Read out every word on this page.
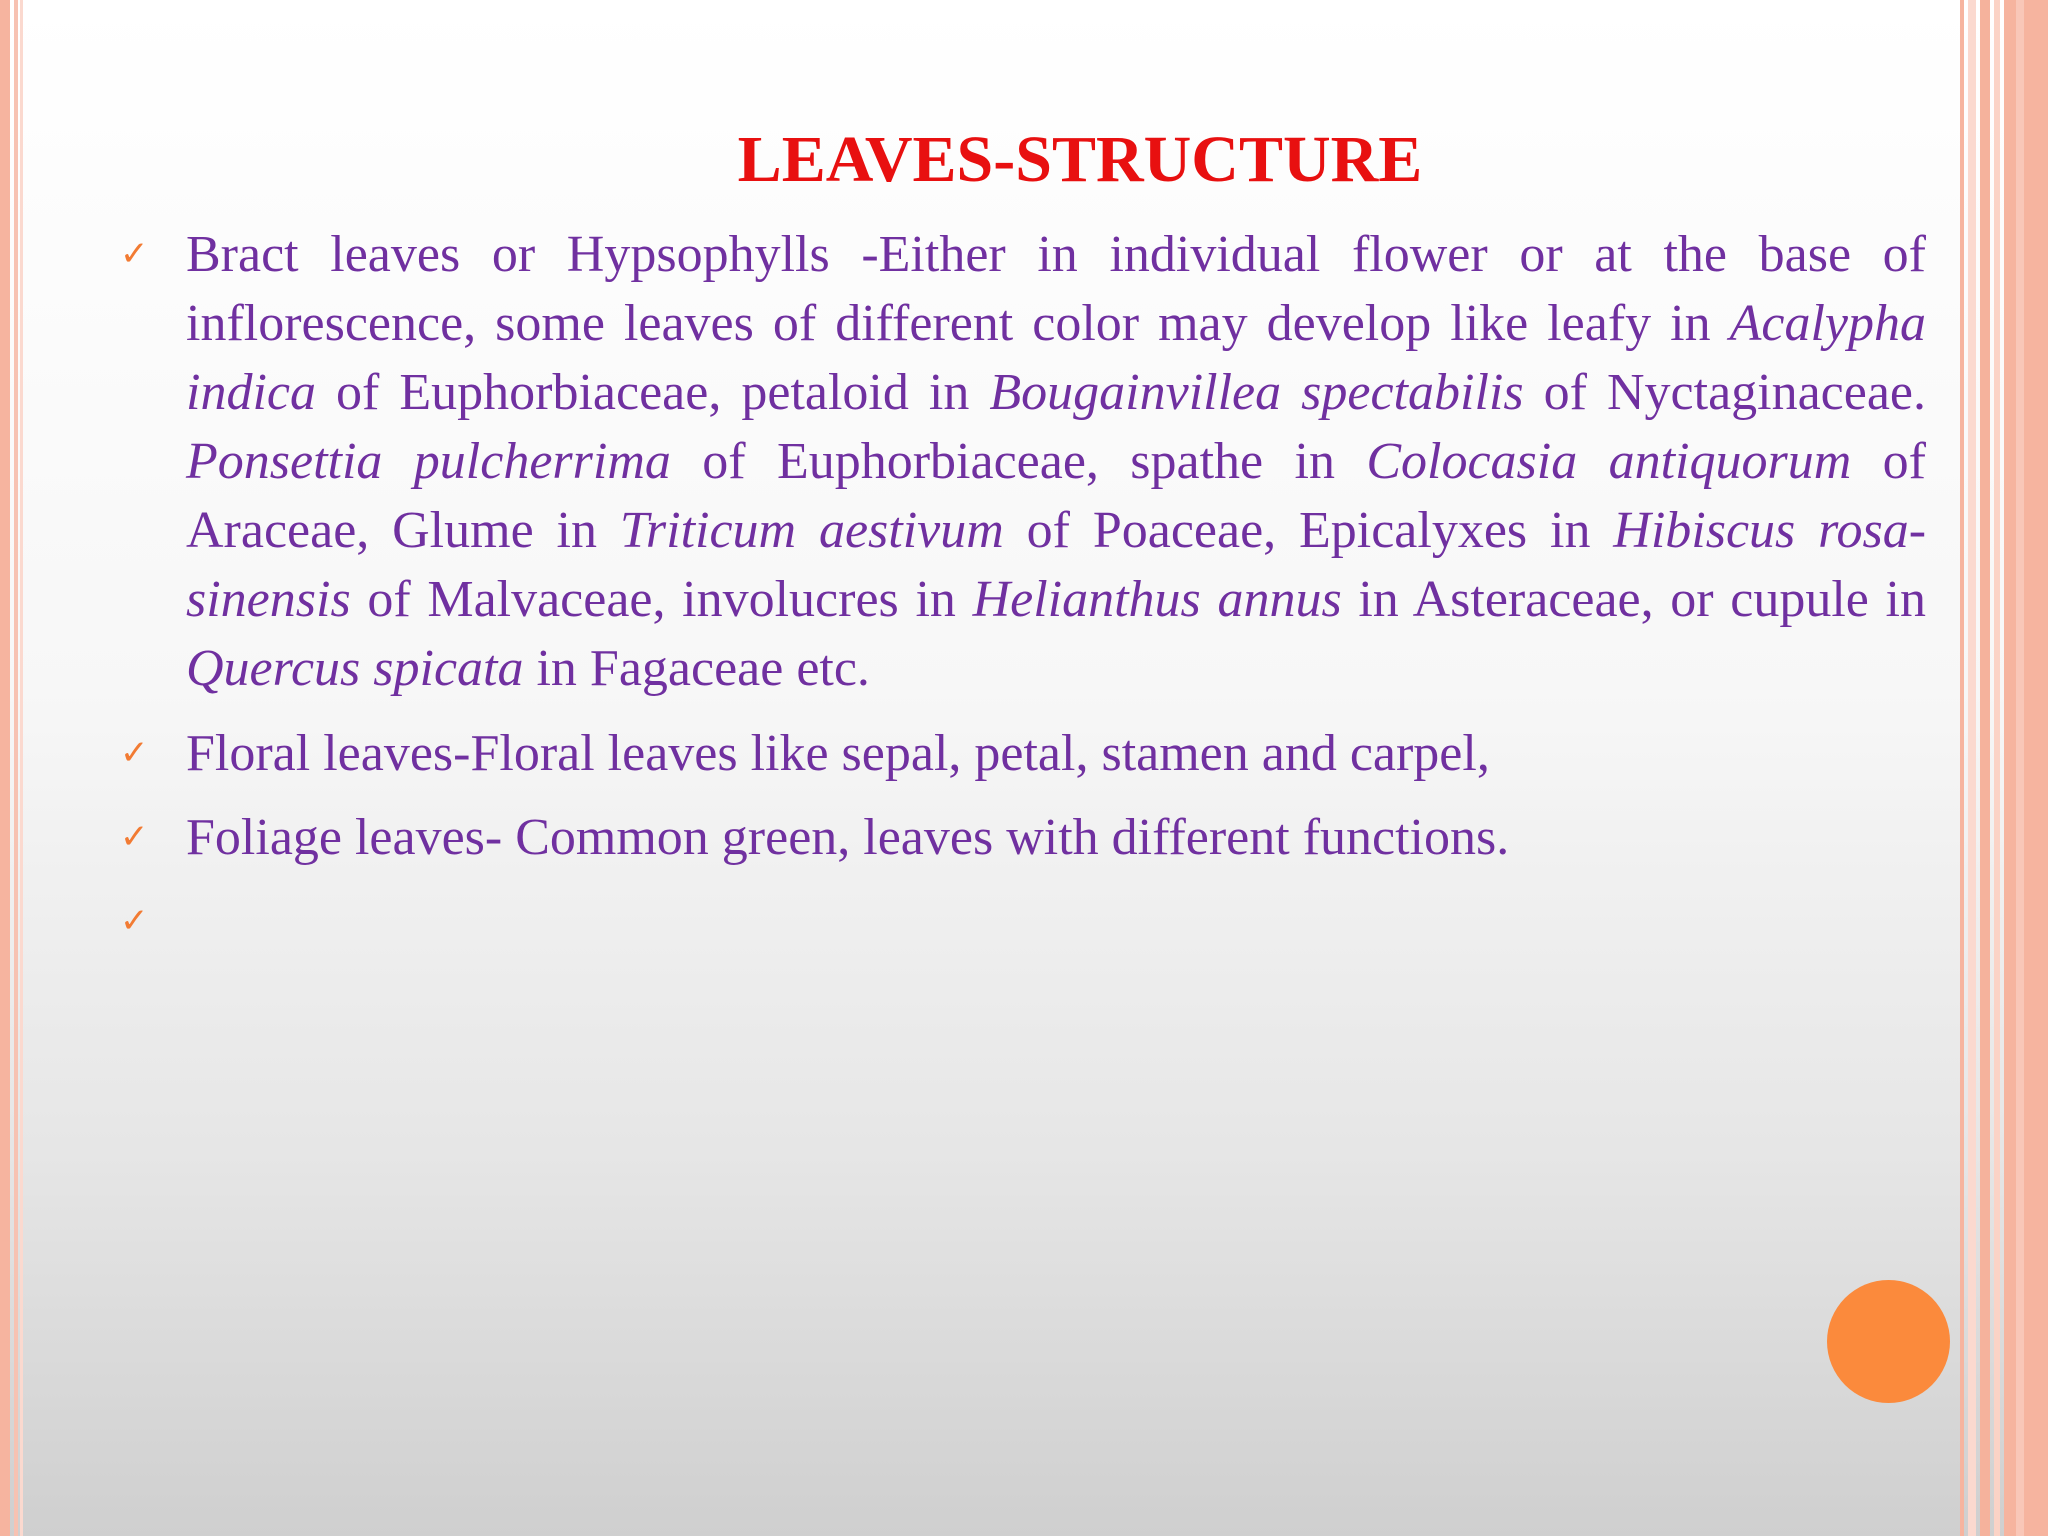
LEAVES-STRUCTURE
✓ Bract leaves or Hypsophylls -Either in individual flower or at the base of inflorescence, some leaves of different color may develop like leafy in Acalypha indica of Euphorbiaceae, petaloid in Bougainvillea spectabilis of Nyctaginaceae. Ponsettia pulcherrima of Euphorbiaceae, spathe in Colocasia antiquorum of Araceae, Glume in Triticum aestivum of Poaceae, Epicalyxes in Hibiscus rosa-sinensis of Malvaceae, involucres in Helianthus annus in Asteraceae, or cupule in Quercus spicata in Fagaceae etc.
✓ Floral leaves-Floral leaves like sepal, petal, stamen and carpel,
✓ Foliage leaves- Common green, leaves with different functions.
✓
